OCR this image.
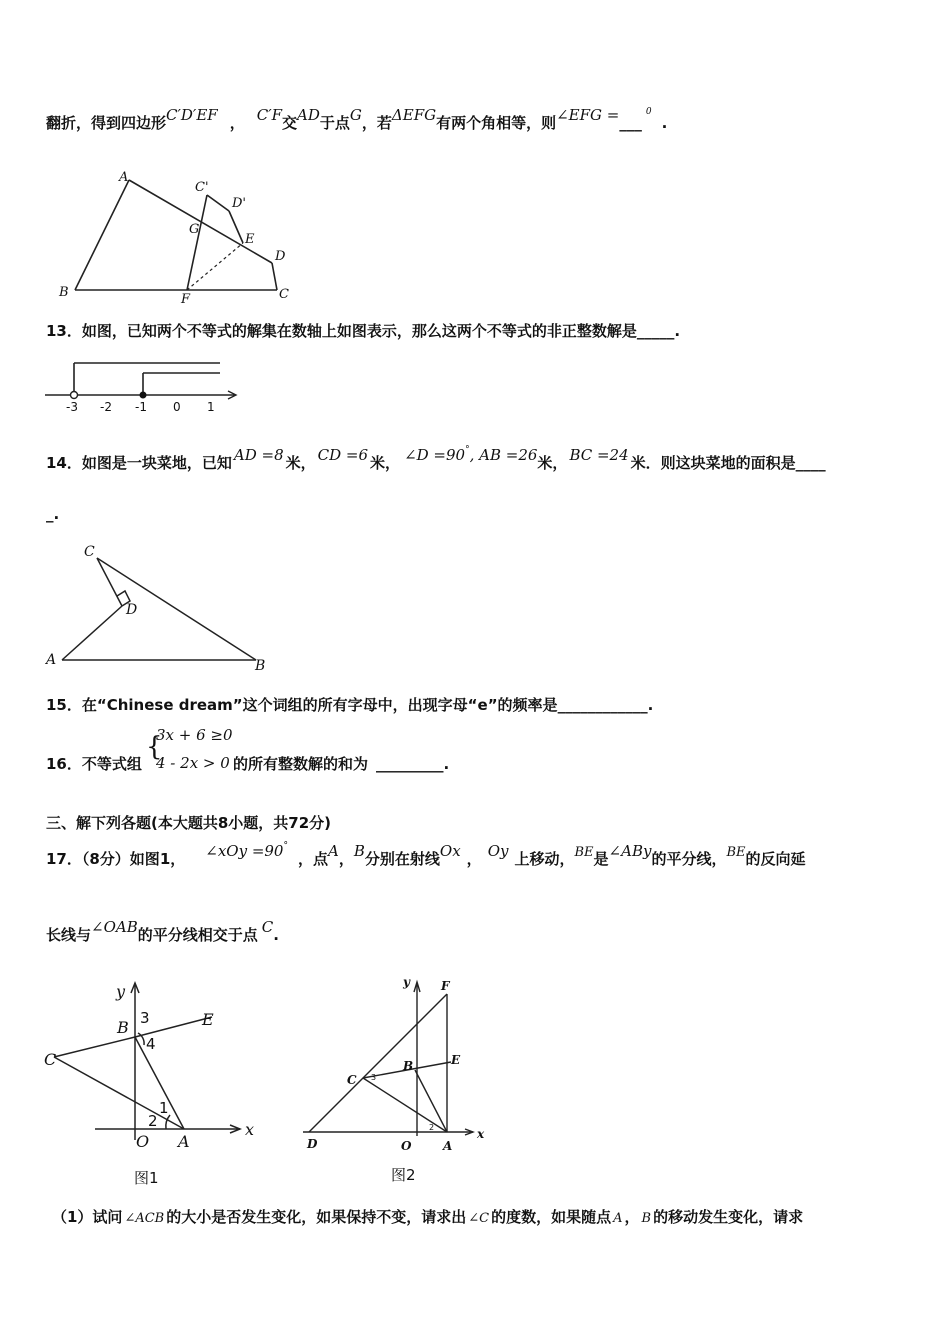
翻折，得到四边形C′D′EF ， C′F交AD于点G，若ΔEFG有两个角相等，则∠EFG =___$^0$.
A
B	C
D
E
F
G
C'
D'
13．如图，已知两个不等式的解集在数轴上如图表示，那么这两个不等式的非正整数解是_____.
-3 -2 -1 0 1
14．如图是一块菜地，已知 AD =8 米， CD =6 米， ∠D =90°, AB =26米， BC =24 米．则这块菜地的面积是____
_.
C
D
A	B
15．在“Chinese dream”这个词组的所有字母中，出现字母“e”的频率是____________.
16．不等式组
{
3x + 6 ≥0
4 - 2x > 0 的所有整数解的和为 _________.
三、解下列各题(本大题共8小题，共72分)
17．（8分）如图1， ∠xOy =90°，点A，B分别在射线Ox ， Oy 上移动，BE是∠ABy的平分线，BE的反向延
长线与∠OAB的平分线相交于点 C.
y
x
B	E
C
O A
1
2
3
4
图1
y
x
F
E
B
C
D	O	A
3
2
图2
（1）试问 ∠ACB 的大小是否发生变化，如果保持不变，请求出 ∠C 的度数，如果随点 A ， B 的移动发生变化，请求
